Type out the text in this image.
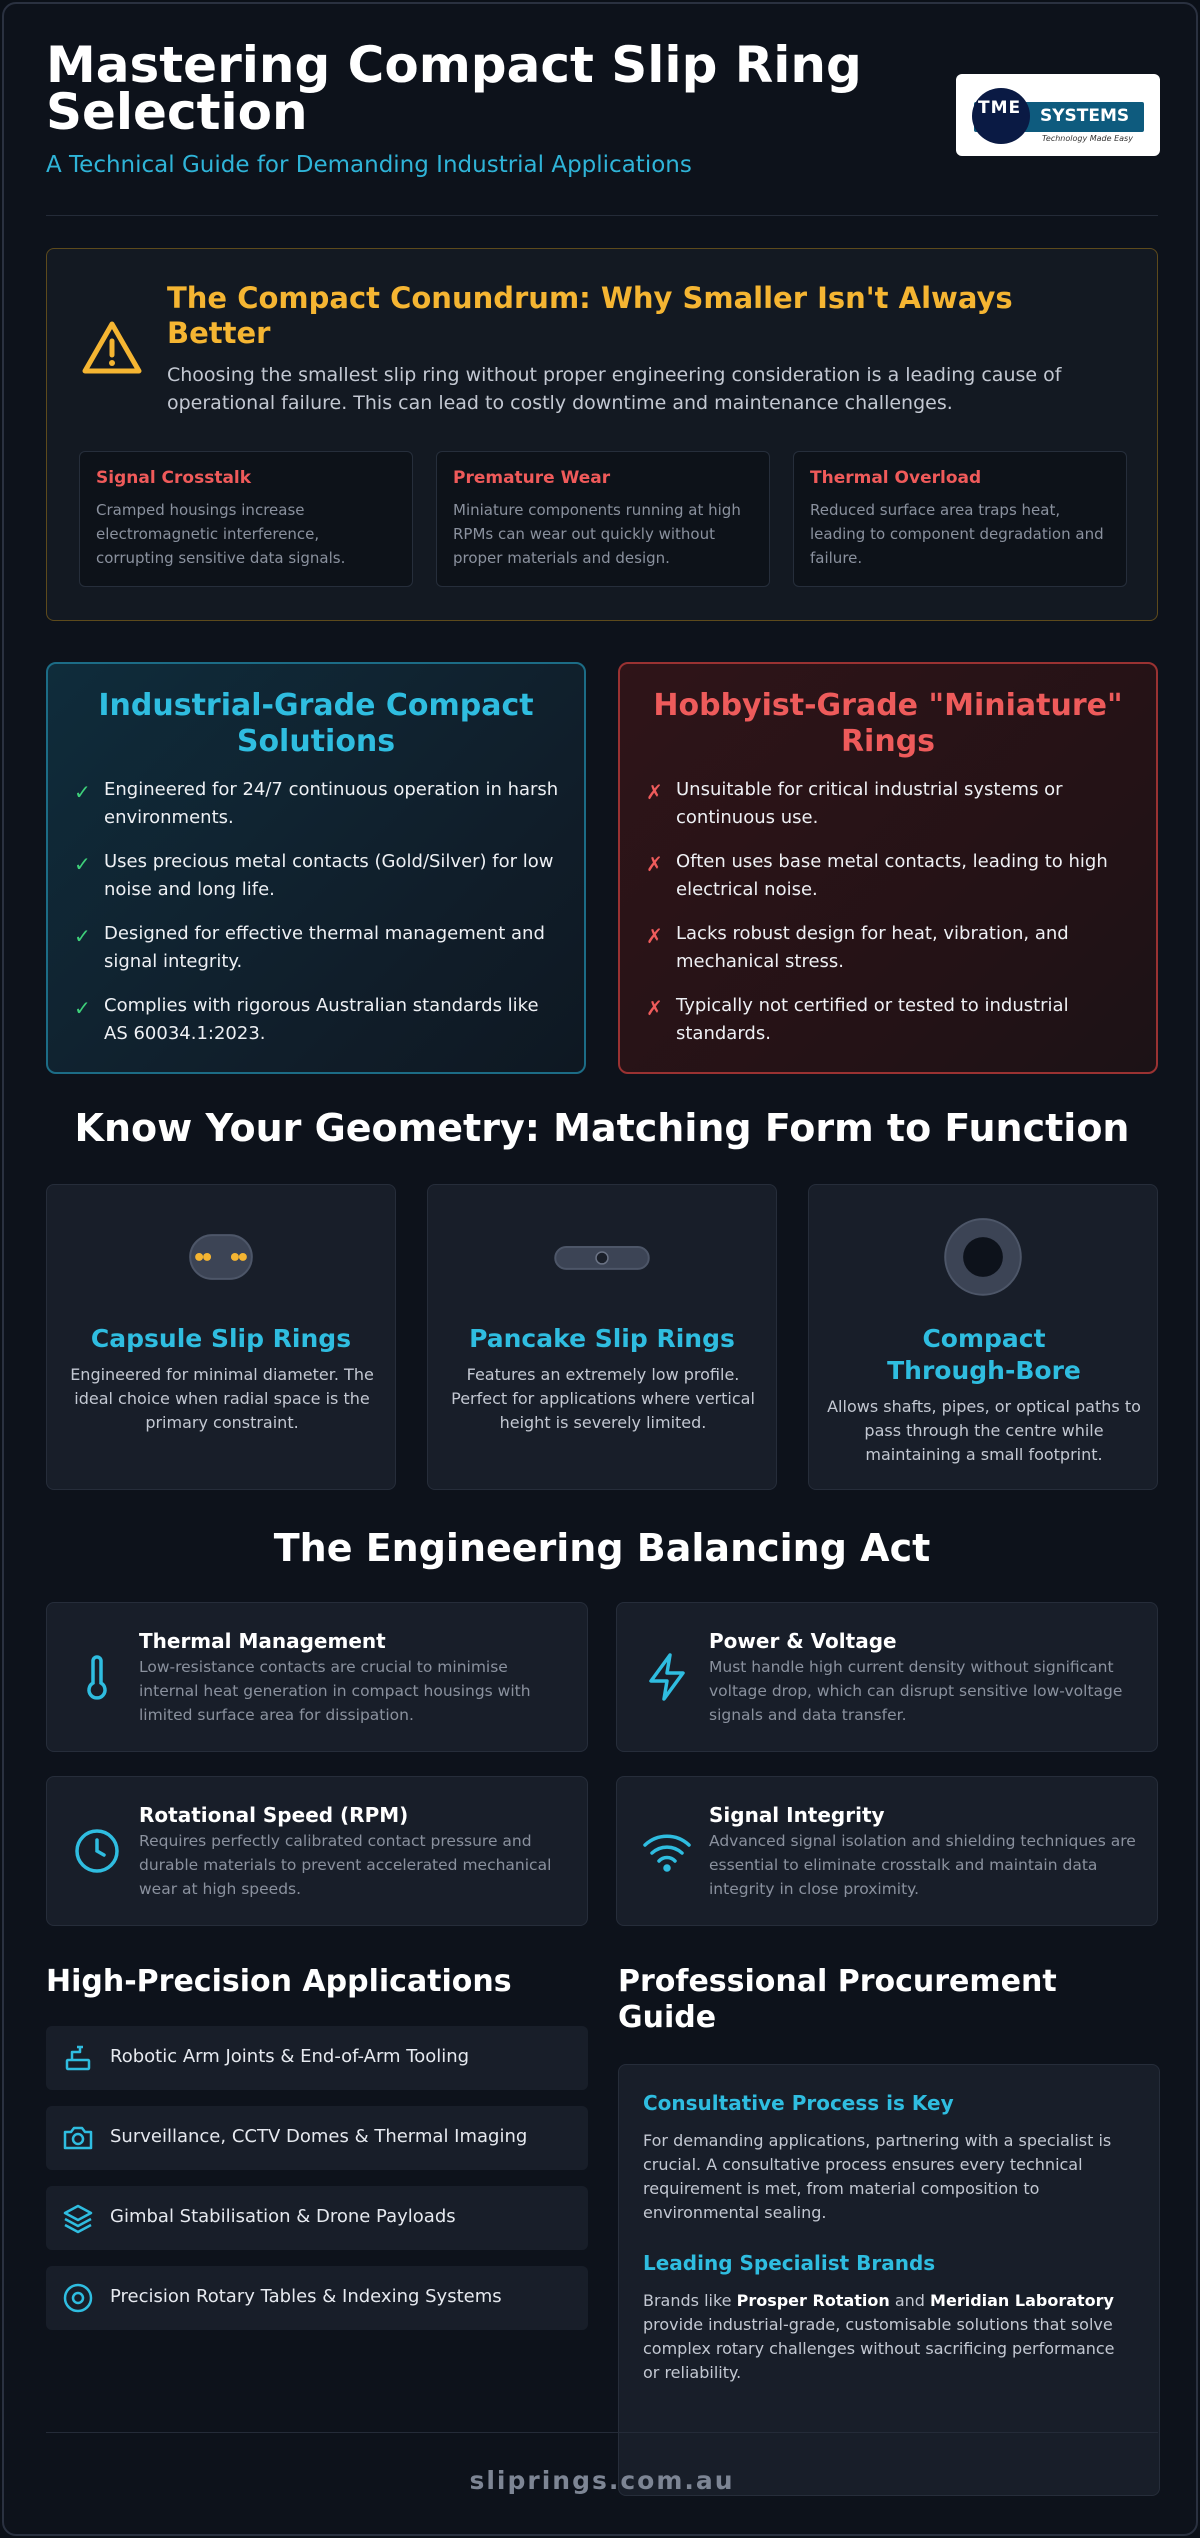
Mastering Compact Slip Ring Selection
A Technical Guide for Demanding Industrial Applications
TME SYSTEMS
Technology Made Easy
The Compact Conundrum: Why Smaller Isn't Always Better
Choosing the smallest slip ring without proper engineering consideration is a leading cause of operational failure. This can lead to costly downtime and maintenance challenges.
Signal Crosstalk
Cramped housings increase electromagnetic interference, corrupting sensitive data signals.
Premature Wear
Miniature components running at high RPMs can wear out quickly without proper materials and design.
Thermal Overload
Reduced surface area traps heat, leading to component degradation and failure.
Industrial-Grade Compact Solutions
✓ Engineered for 24/7 continuous operation in harsh environments.
✓ Uses precious metal contacts (Gold/Silver) for low noise and long life.
✓ Designed for effective thermal management and signal integrity.
✓ Complies with rigorous Australian standards like AS 60034.1:2023.
Hobbyist-Grade "Miniature" Rings
✗ Unsuitable for critical industrial systems or continuous use.
✗ Often uses base metal contacts, leading to high electrical noise.
✗ Lacks robust design for heat, vibration, and mechanical stress.
✗ Typically not certified or tested to industrial standards.
Know Your Geometry: Matching Form to Function
Capsule Slip Rings
Engineered for minimal diameter. The ideal choice when radial space is the primary constraint.
Pancake Slip Rings
Features an extremely low profile. Perfect for applications where vertical height is severely limited.
Compact Through-Bore
Allows shafts, pipes, or optical paths to pass through the centre while maintaining a small footprint.
The Engineering Balancing Act
Thermal Management
Low-resistance contacts are crucial to minimise internal heat generation in compact housings with limited surface area for dissipation.
Power & Voltage
Must handle high current density without significant voltage drop, which can disrupt sensitive low-voltage signals and data transfer.
Rotational Speed (RPM)
Requires perfectly calibrated contact pressure and durable materials to prevent accelerated mechanical wear at high speeds.
Signal Integrity
Advanced signal isolation and shielding techniques are essential to eliminate crosstalk and maintain data integrity in close proximity.
High-Precision Applications
Robotic Arm Joints & End-of-Arm Tooling
Surveillance, CCTV Domes & Thermal Imaging
Gimbal Stabilisation & Drone Payloads
Precision Rotary Tables & Indexing Systems
Professional Procurement Guide
Consultative Process is Key
For demanding applications, partnering with a specialist is crucial. A consultative process ensures every technical requirement is met, from material composition to environmental sealing.
Leading Specialist Brands
Brands like Prosper Rotation and Meridian Laboratory provide industrial-grade, customisable solutions that solve complex rotary challenges without sacrificing performance or reliability.
sliprings.com.au
